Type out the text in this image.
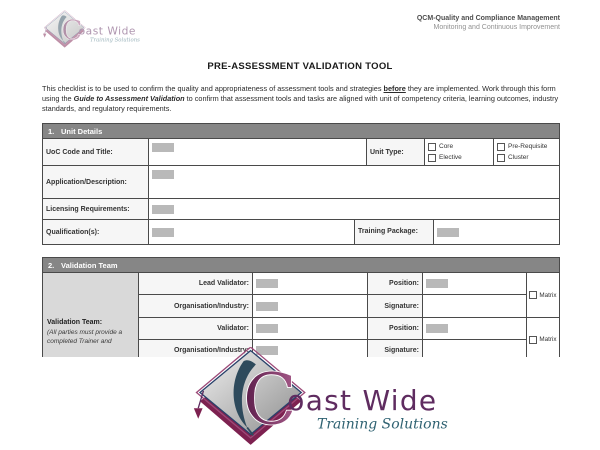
QCM-Quality and Compliance Management
Monitoring and Continuous Improvement
PRE-ASSESSMENT VALIDATION TOOL
This checklist is to be used to confirm the quality and appropriateness of assessment tools and strategies before they are implemented. Work through this form using the Guide to Assessment Validation to confirm that assessment tools and tasks are aligned with unit of competency criteria, learning outcomes, industry standards, and regulatory requirements.
1. Unit Details
UoC Code and Title:	Unit Type:
Core
Elective
Pre-Requisite
Cluster
Application/Description:
Licensing Requirements:
Qualification(s):	Training Package:
2. Validation Team
Validation Team:
(All parties must provide a completed Trainer and
Lead Validator:	Position:
Organisation/Industry:	Signature:
Matrix
Validator:	Position:
Organisation/Industry:	Signature:
Matrix
